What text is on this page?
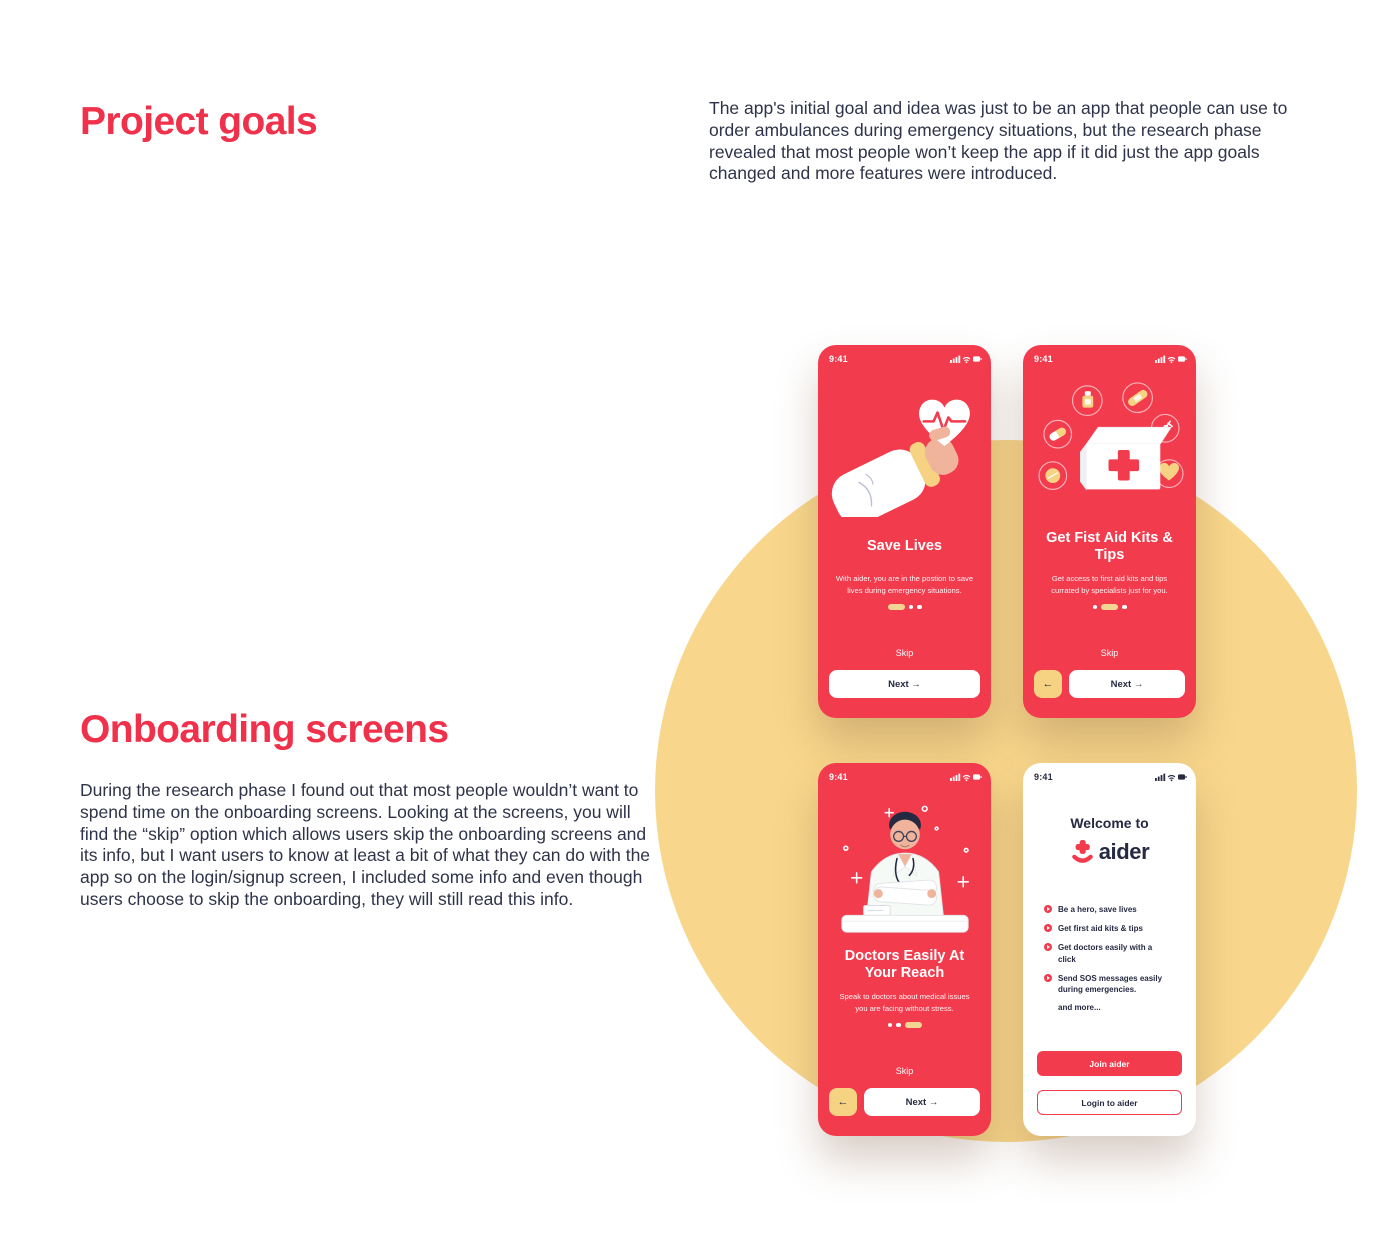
Project goals	The app's initial goal and idea was just to be an app that people can use to order ambulances during emergency situations, but the research phase revealed that most people won’t keep the app if it did just the app goals changed and more features were introduced.

Onboarding screens

During the research phase I found out that most people wouldn’t want to spend time on the onboarding screens. Looking at the screens, you will find the “skip” option which allows users skip the onboarding screens and its info, but I want users to know at least a bit of what they can do with the app so on the login/signup screen, I included some info and even though users choose to skip the onboarding, they will still read this info.

9:41
Save Lives
With aider, you are in the postion to save lives during emergency situations.
Skip
Next →
9:41
Get Fist Aid Kits & Tips
Get access to first aid kits and tips currated by specialists just for you.
Skip
←	Next →
9:41
Doctors Easily At Your Reach
Speak to doctors about medical issues you are facing without stress.
Skip
←	Next →
9:41
Welcome to
aider
Be a hero, save lives
Get first aid kits & tips
Get doctors easily with a click
Send SOS messages easily during emergencies.
and more...
Join aider
Login to aider
